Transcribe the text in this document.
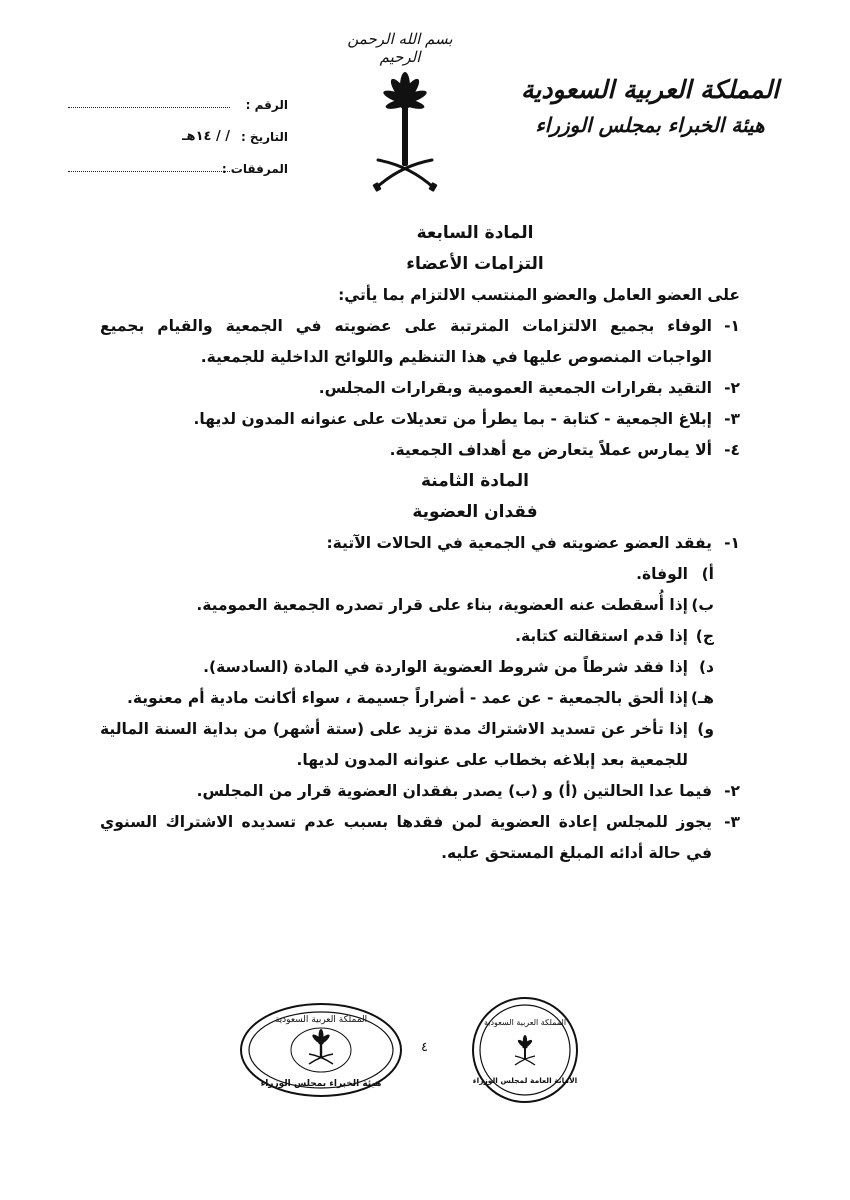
بسم الله الرحمن الرحيم
المملكة العربية السعودية
هيئة الخبراء بمجلس الوزراء
الرقم :
التاريخ :
/ / ١٤هـ
المرفقات :
المادة السابعة
التزامات الأعضاء

على العضو العامل والعضو المنتسب الالتزام بما يأتي:

١-
الوفاء بجميع الالتزامات المترتبة على عضويته في الجمعية والقيام بجميع الواجبات المنصوص عليها في هذا التنظيم واللوائح الداخلية للجمعية.
٢-
التقيد بقرارات الجمعية العمومية وبقرارات المجلس.
٣-
إبلاغ الجمعية - كتابة - بما يطرأ من تعديلات على عنوانه المدون لديها.
٤-
ألا يمارس عملاً يتعارض مع أهداف الجمعية.
المادة الثامنة
فقدان العضوية
١-
يفقد العضو عضويته في الجمعية في الحالات الآتية:
أ)
الوفاة.
ب)
إذا أُسقطت عنه العضوية، بناء على قرار تصدره الجمعية العمومية.
ج)
إذا قدم استقالته كتابة.
د)
إذا فقد شرطاً من شروط العضوية الواردة في المادة (السادسة).
هـ)
إذا ألحق بالجمعية - عن عمد - أضراراً جسيمة ، سواء أكانت مادية أم معنوية.
و)
إذا تأخر عن تسديد الاشتراك مدة تزيد على (ستة أشهر) من بداية السنة المالية للجمعية بعد إبلاغه بخطاب على عنوانه المدون لديها.
٢-
فيما عدا الحالتين (أ) و (ب) يصدر بفقدان العضوية قرار من المجلس.
٣-
يجوز للمجلس إعادة العضوية لمن فقدها بسبب عدم تسديده الاشتراك السنوي في حالة أدائه المبلغ المستحق عليه.
المملكة العربية السعودية
هيئة الخبراء بمجلس الوزراء
٤
المملكة العربية السعودية
الأمانة العامة لمجلس الوزراء
